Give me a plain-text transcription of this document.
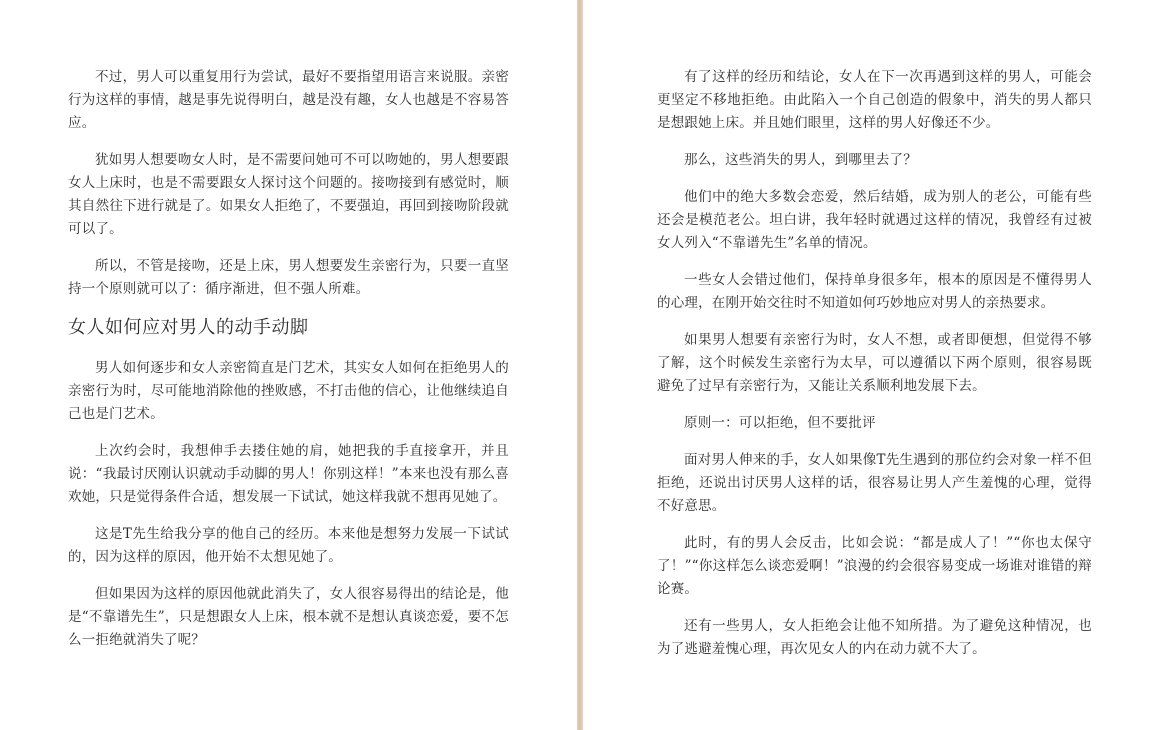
不过，男人可以重复用行为尝试，最好不要指望用语言来说服。亲密行为这样的事情，越是事先说得明白，越是没有趣，女人也越是不容易答应。

犹如男人想要吻女人时，是不需要问她可不可以吻她的，男人想要跟女人上床时，也是不需要跟女人探讨这个问题的。接吻接到有感觉时，顺其自然往下进行就是了。如果女人拒绝了，不要强迫，再回到接吻阶段就可以了。

所以，不管是接吻，还是上床，男人想要发生亲密行为，只要一直坚持一个原则就可以了：循序渐进，但不强人所难。

女人如何应对男人的动手动脚

男人如何逐步和女人亲密简直是门艺术，其实女人如何在拒绝男人的亲密行为时，尽可能地消除他的挫败感，不打击他的信心，让他继续追自己也是门艺术。

上次约会时，我想伸手去搂住她的肩，她把我的手直接拿开，并且说：“我最讨厌刚认识就动手动脚的男人！你别这样！”本来也没有那么喜欢她，只是觉得条件合适，想发展一下试试，她这样我就不想再见她了。

这是T先生给我分享的他自己的经历。本来他是想努力发展一下试试的，因为这样的原因，他开始不太想见她了。

但如果因为这样的原因他就此消失了，女人很容易得出的结论是，他是“不靠谱先生”，只是想跟女人上床，根本就不是想认真谈恋爱，要不怎么一拒绝就消失了呢？

有了这样的经历和结论，女人在下一次再遇到这样的男人，可能会更坚定不移地拒绝。由此陷入一个自己创造的假象中，消失的男人都只是想跟她上床。并且她们眼里，这样的男人好像还不少。

那么，这些消失的男人，到哪里去了？

他们中的绝大多数会恋爱，然后结婚，成为别人的老公，可能有些还会是模范老公。坦白讲，我年轻时就遇过这样的情况，我曾经有过被女人列入“不靠谱先生”名单的情况。

一些女人会错过他们，保持单身很多年，根本的原因是不懂得男人的心理，在刚开始交往时不知道如何巧妙地应对男人的亲热要求。

如果男人想要有亲密行为时，女人不想，或者即便想，但觉得不够了解，这个时候发生亲密行为太早，可以遵循以下两个原则，很容易既避免了过早有亲密行为，又能让关系顺利地发展下去。

原则一：可以拒绝，但不要批评

面对男人伸来的手，女人如果像T先生遇到的那位约会对象一样不但拒绝，还说出讨厌男人这样的话，很容易让男人产生羞愧的心理，觉得不好意思。

此时，有的男人会反击，比如会说：“都是成人了！”“你也太保守了！”“你这样怎么谈恋爱啊！”浪漫的约会很容易变成一场谁对谁错的辩论赛。

还有一些男人，女人拒绝会让他不知所措。为了避免这种情况，也为了逃避羞愧心理，再次见女人的内在动力就不大了。
